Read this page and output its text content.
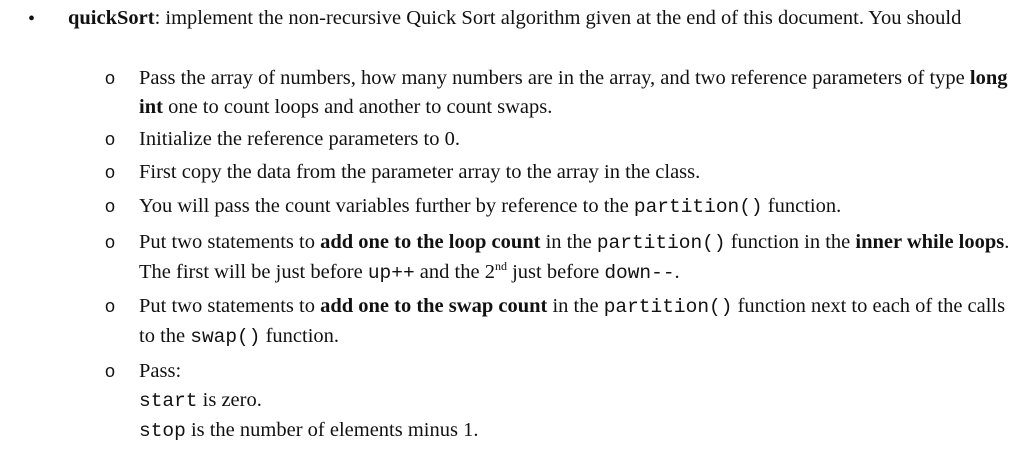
• quickSort: implement the non-recursive Quick Sort algorithm given at the end of this document. You should
o	Pass the array of numbers, how many numbers are in the array, and two reference parameters of type long int one to count loops and another to count swaps.
o	Initialize the reference parameters to 0.
o	First copy the data from the parameter array to the array in the class.
o	You will pass the count variables further by reference to the partition() function.
o	Put two statements to add one to the loop count in the partition() function in the inner while loops. The first will be just before up++ and the 2nd just before down--.
o	Put two statements to add one to the swap count in the partition() function next to each of the calls to the swap() function.
o	Pass:
start is zero.
stop is the number of elements minus 1.
